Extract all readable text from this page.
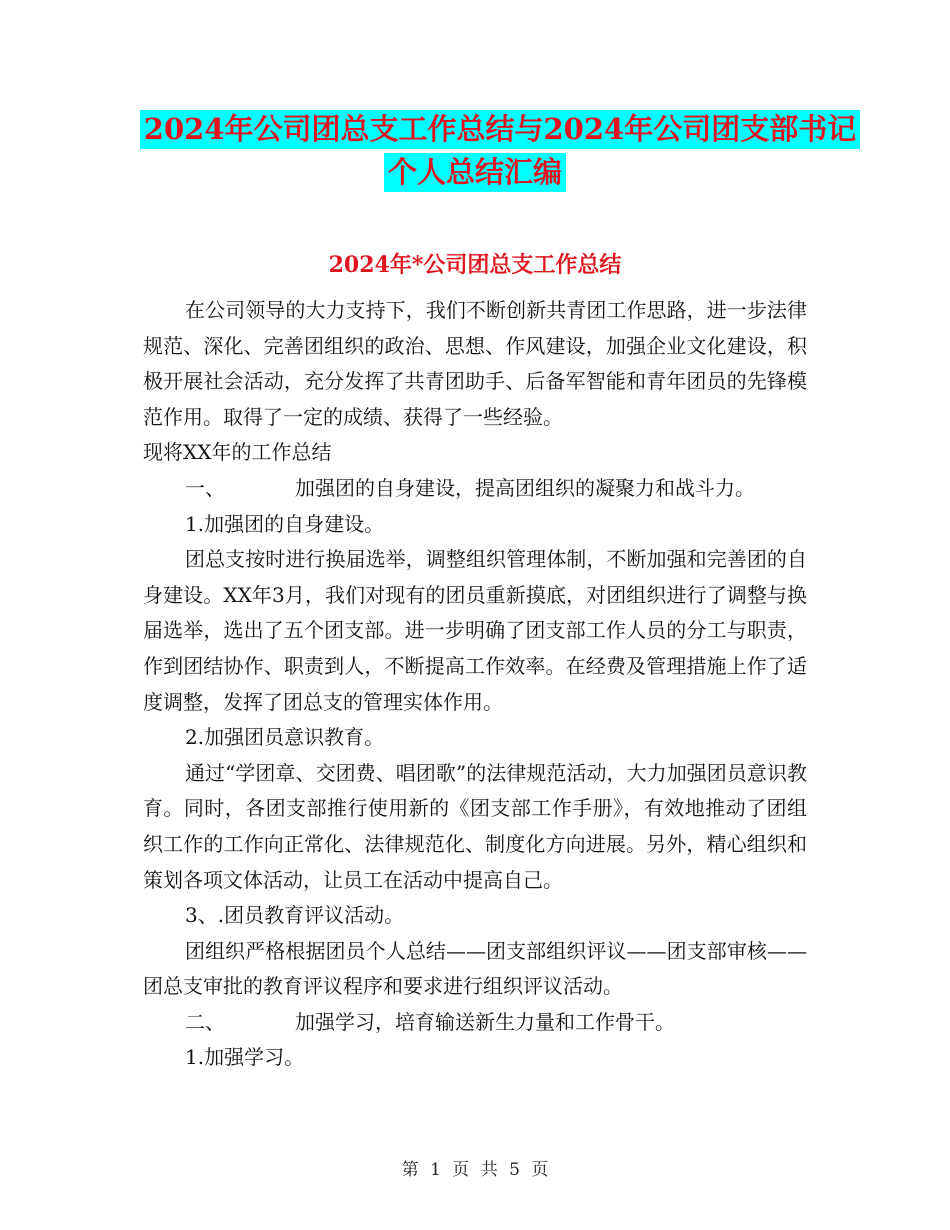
2024年公司团总支工作总结与2024年公司团支部书记
个人总结汇编
2024年*公司团总支工作总结

在公司领导的大力支持下，我们不断创新共青团工作思路，进一步法律规范、深化、完善团组织的政治、思想、作风建设，加强企业文化建设，积极开展社会活动，充分发挥了共青团助手、后备军智能和青年团员的先锋模范作用。取得了一定的成绩、获得了一些经验。

现将XX年的工作总结

一、	加强团的自身建设，提高团组织的凝聚力和战斗力。

1.加强团的自身建设。

团总支按时进行换届选举，调整组织管理体制，不断加强和完善团的自身建设。XX年3月，我们对现有的团员重新摸底，对团组织进行了调整与换届选举，选出了五个团支部。进一步明确了团支部工作人员的分工与职责，作到团结协作、职责到人，不断提高工作效率。在经费及管理措施上作了适度调整，发挥了团总支的管理实体作用。

2.加强团员意识教育。

通过“学团章、交团费、唱团歌”的法律规范活动，大力加强团员意识教育。同时，各团支部推行使用新的《团支部工作手册》，有效地推动了团组织工作的工作向正常化、法律规范化、制度化方向进展。另外，精心组织和策划各项文体活动，让员工在活动中提高自己。

3、.团员教育评议活动。

团组织严格根据团员个人总结——团支部组织评议——团支部审核——团总支审批的教育评议程序和要求进行组织评议活动。

二、	加强学习，培育输送新生力量和工作骨干。

1.加强学习。

第 1 页 共 5 页
